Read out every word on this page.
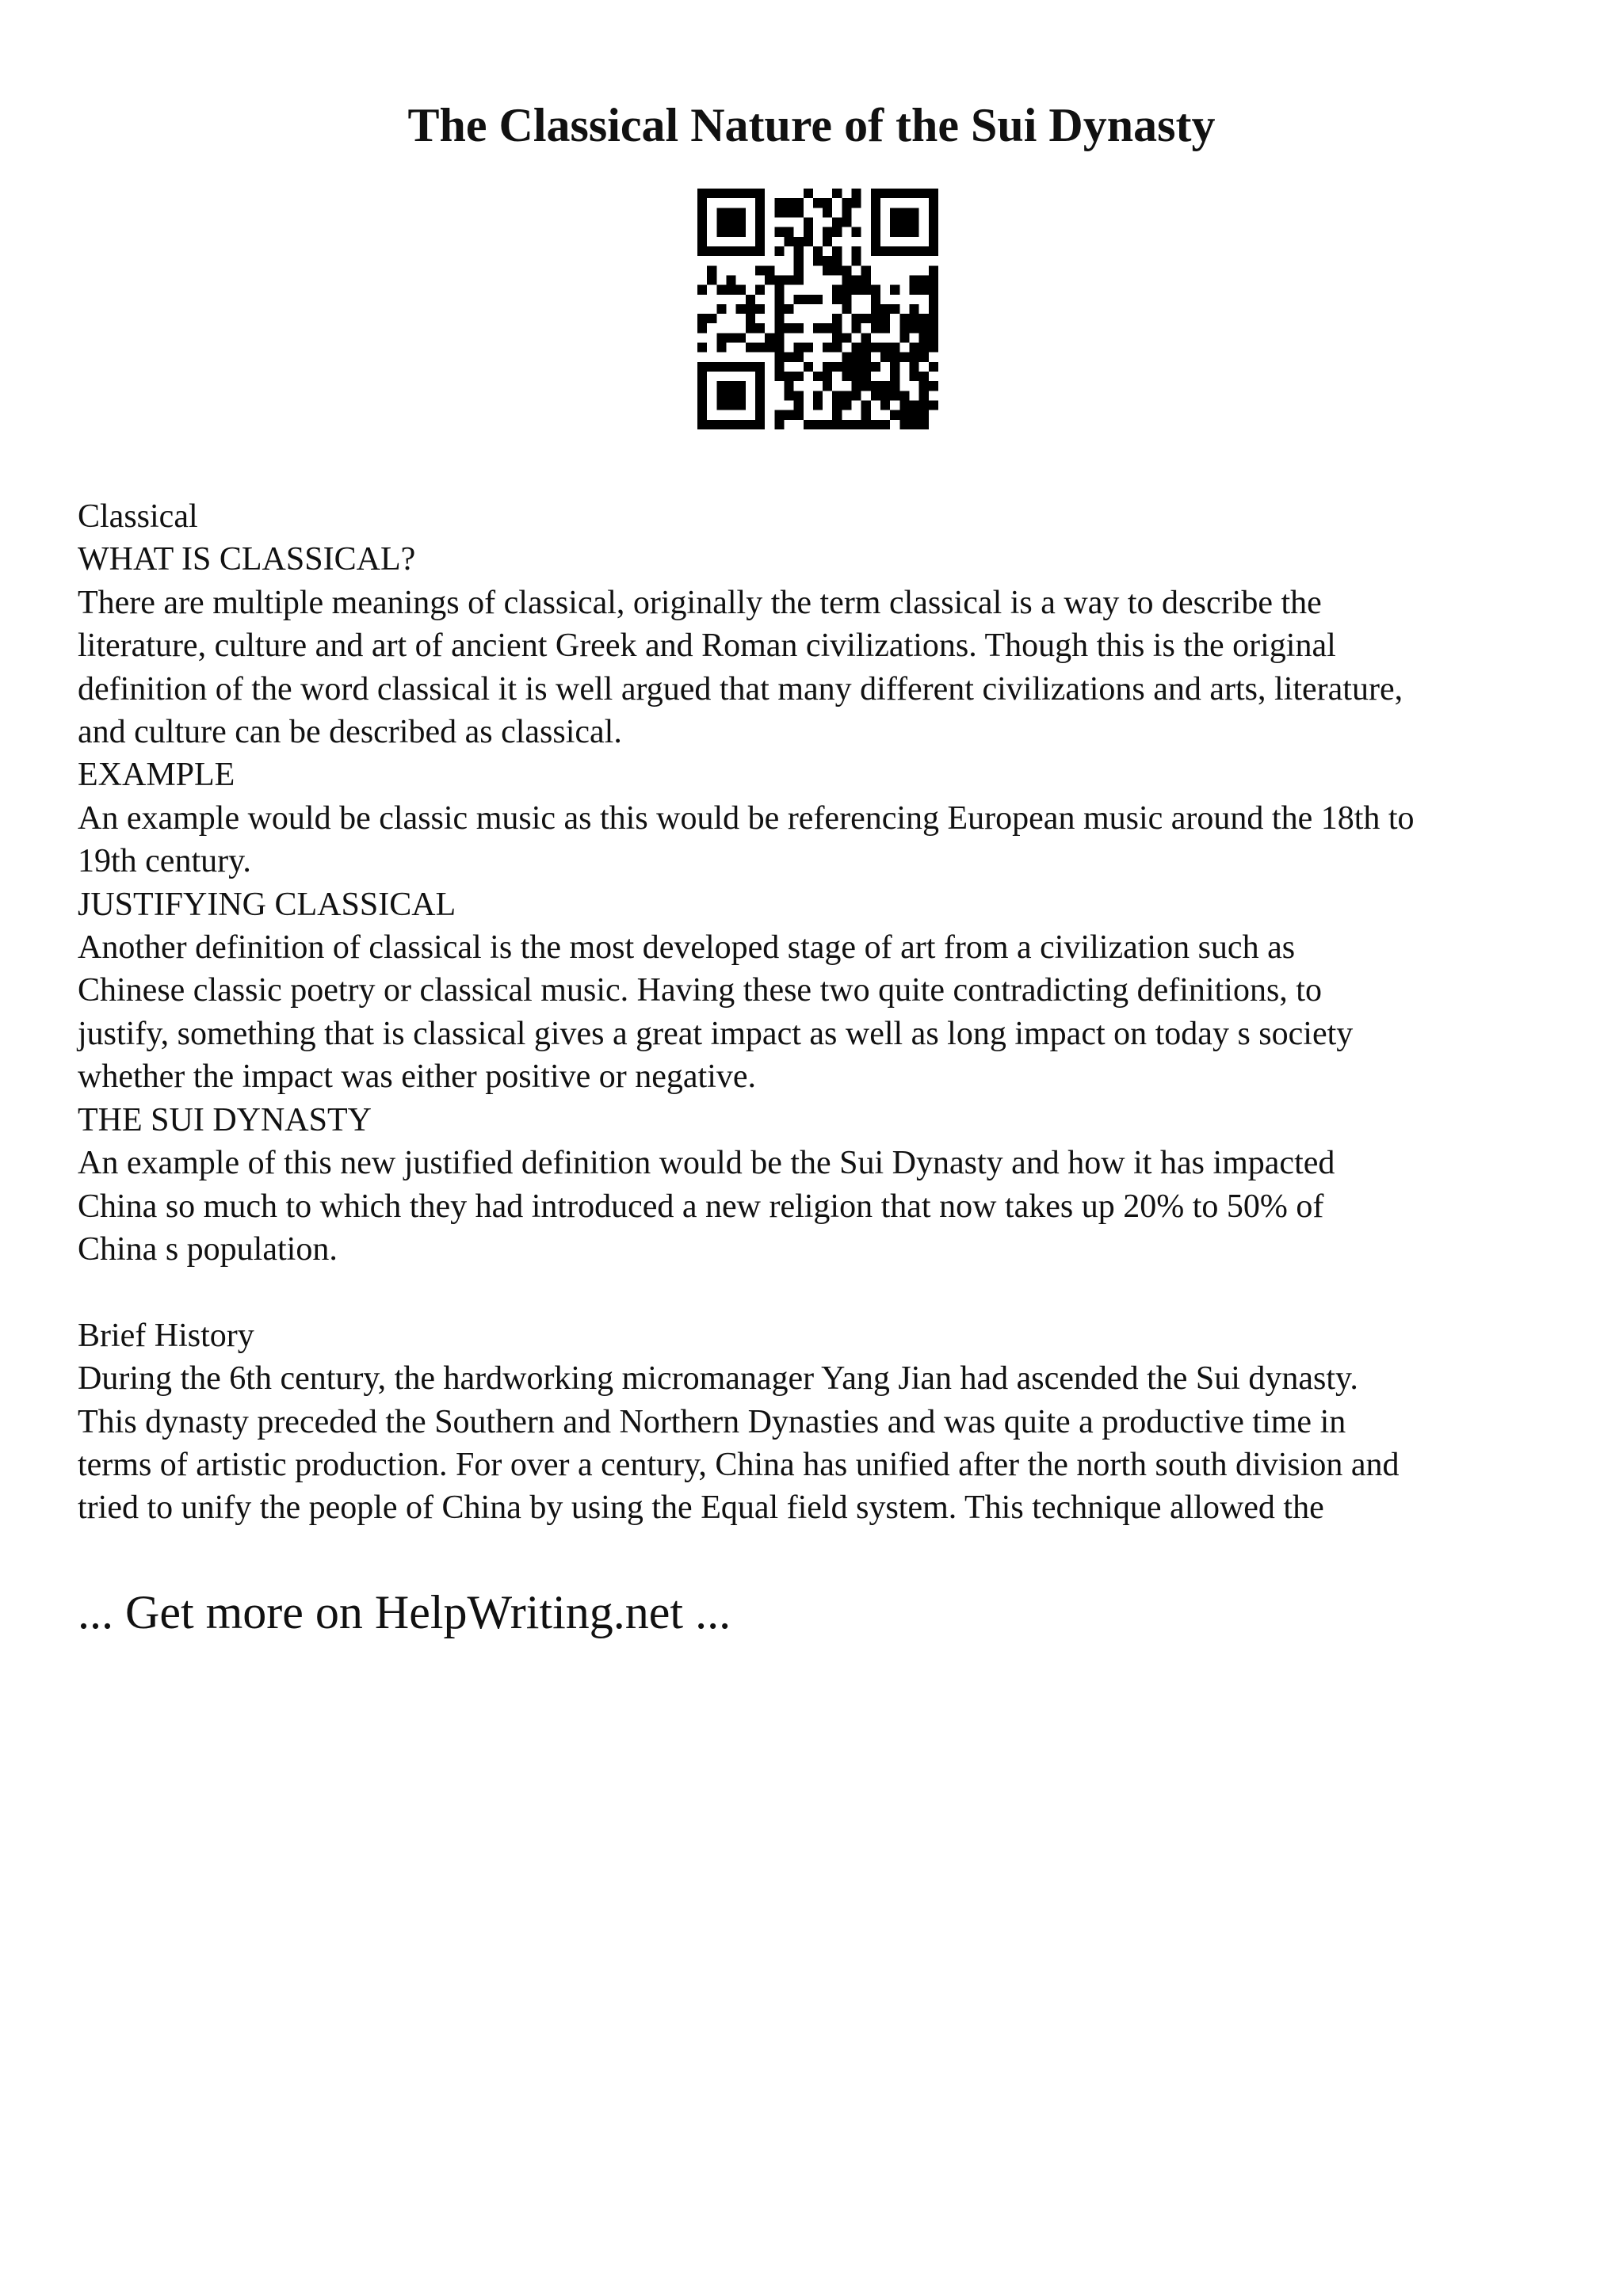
The Classical Nature of the Sui Dynasty
Classical
WHAT IS CLASSICAL?
There are multiple meanings of classical, originally the term classical is a way to describe the
literature, culture and art of ancient Greek and Roman civilizations. Though this is the original
definition of the word classical it is well argued that many different civilizations and arts, literature,
and culture can be described as classical.
EXAMPLE
An example would be classic music as this would be referencing European music around the 18th to
19th century.
JUSTIFYING CLASSICAL
Another definition of classical is the most developed stage of art from a civilization such as
Chinese classic poetry or classical music. Having these two quite contradicting definitions, to
justify, something that is classical gives a great impact as well as long impact on today s society
whether the impact was either positive or negative.
THE SUI DYNASTY
An example of this new justified definition would be the Sui Dynasty and how it has impacted
China so much to which they had introduced a new religion that now takes up 20% to 50% of
China s population.
Brief History
During the 6th century, the hardworking micromanager Yang Jian had ascended the Sui dynasty.
This dynasty preceded the Southern and Northern Dynasties and was quite a productive time in
terms of artistic production. For over a century, China has unified after the north south division and
tried to unify the people of China by using the Equal field system. This technique allowed the
... Get more on HelpWriting.net ...
